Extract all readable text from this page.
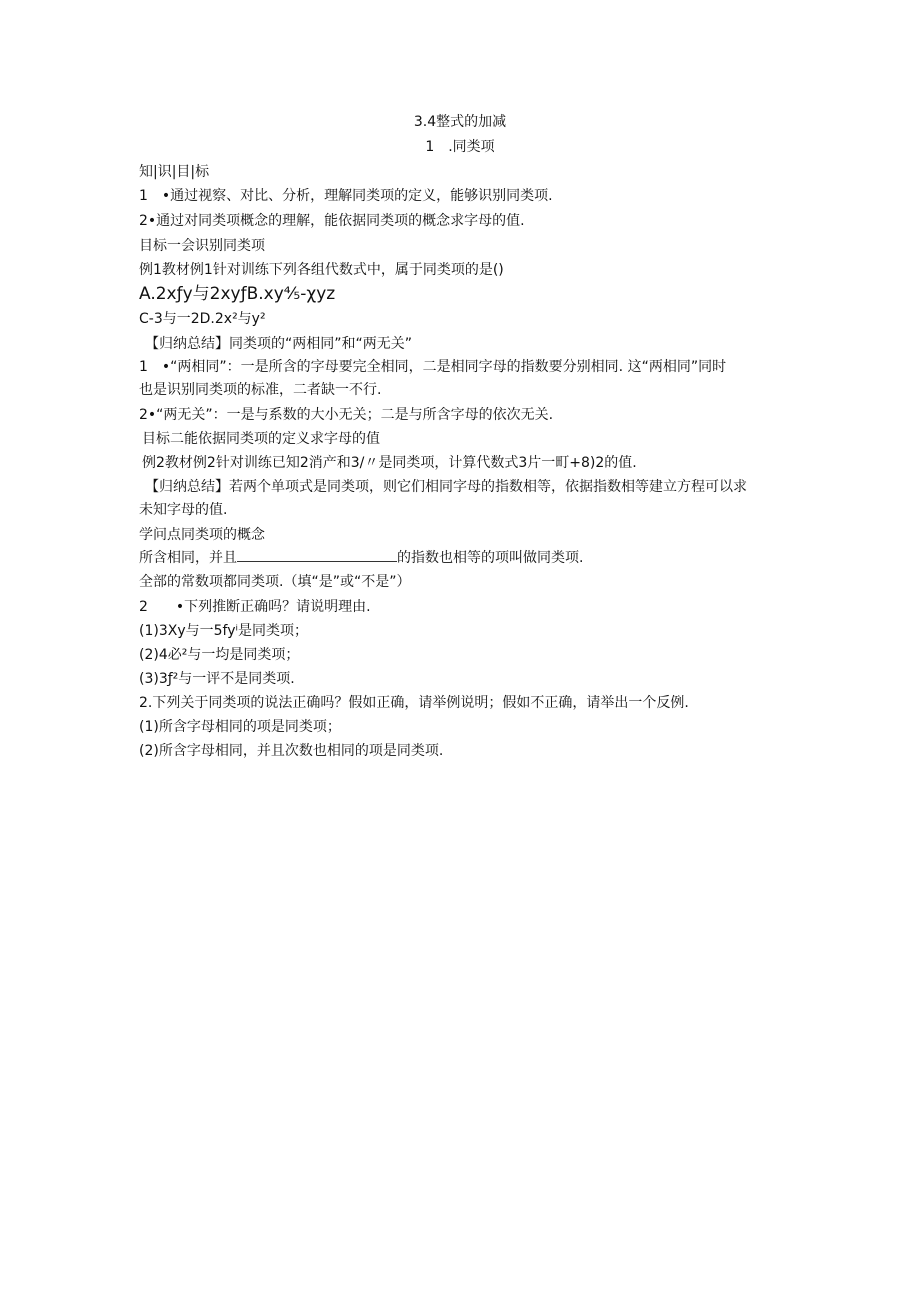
3.4整式的加减
1　.同类项
知|识|目|标
1　•通过视察、对比、分析，理解同类项的定义，能够识别同类项.
2•通过对同类项概念的理解，能依据同类项的概念求字母的值.
目标一会识别同类项
例1教材例1针对训练下列各组代数式中，属于同类项的是()
A.2xƒy与2xyƒB.xy⅘-χyz
C-3与一2D.2x²与y²
【归纳总结】同类项的“两相同”和“两无关”
1　•“两相同”：一是所含的字母要完全相同，二是相同字母的指数要分别相同. 这“两相同”同时
也是识别同类项的标准，二者缺一不行.
2•“两无关”：一是与系数的大小无关；二是与所含字母的依次无关.
目标二能依据同类项的定义求字母的值
例2教材例2针对训练已知2消产和3/〃是同类项，计算代数式3片一町+8)2的值.
【归纳总结】若两个单项式是同类项，则它们相同字母的指数相等，依据指数相等建立方程可以求
未知字母的值.
学问点同类项的概念
所含相同，并且	的指数也相等的项叫做同类项.
全部的常数项都同类项.（填“是”或“不是”）
2　　•下列推断正确吗？请说明理由.
(1)3Xy与一5fyⁱ是同类项；
(2)4必²与一均是同类项；
(3)3ƒ²与一评不是同类项.
2.下列关于同类项的说法正确吗？假如正确，请举例说明；假如不正确，请举出一个反例.
(1)所含字母相同的项是同类项；
(2)所含字母相同，并且次数也相同的项是同类项.
